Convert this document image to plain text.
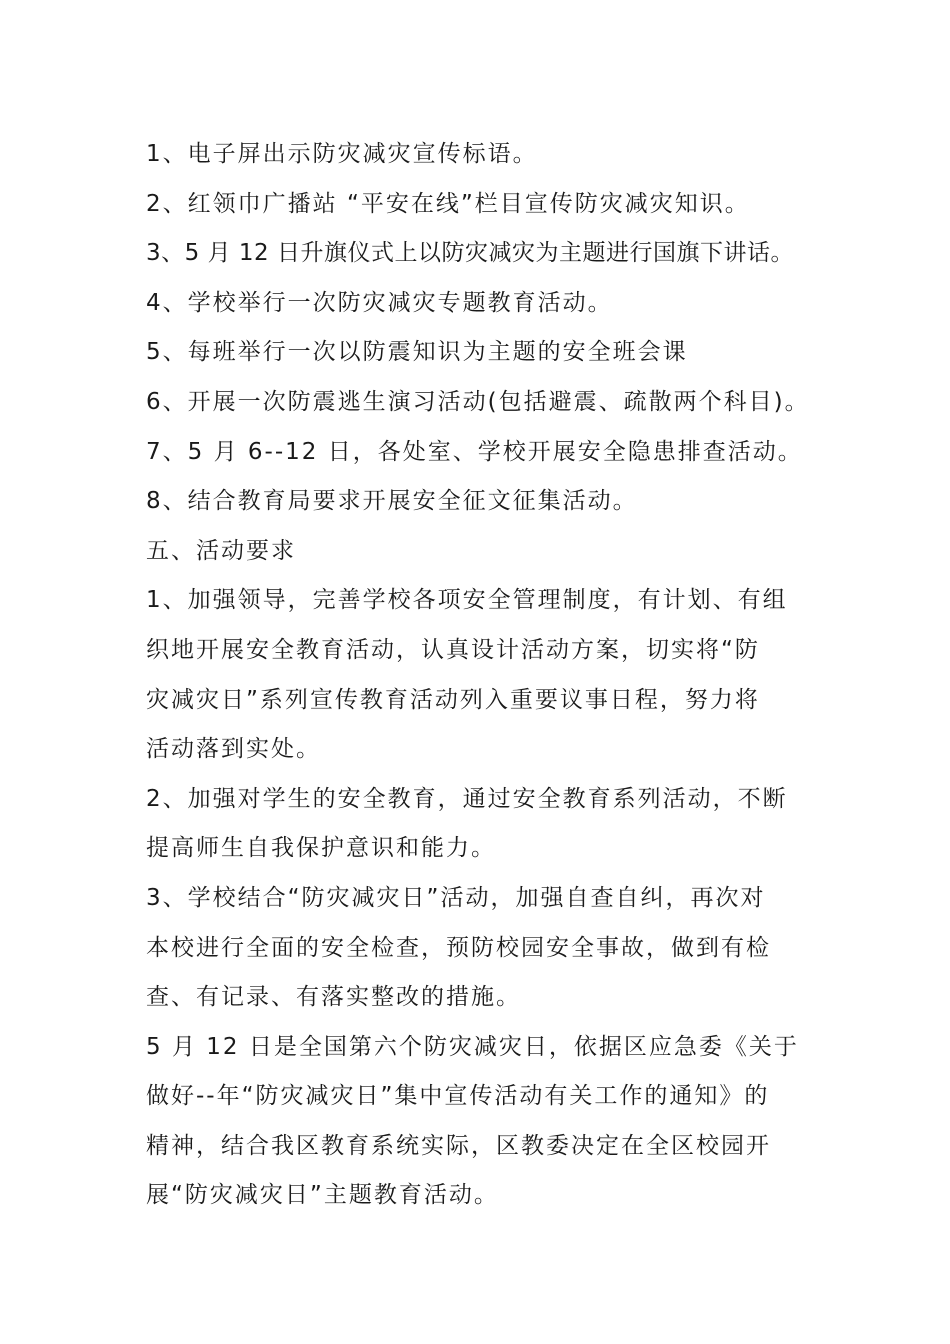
1、电子屏出示防灾减灾宣传标语。
2、红领巾广播站 “平安在线”栏目宣传防灾减灾知识。
3、5 月 12 日升旗仪式上以防灾减灾为主题进行国旗下讲话。
4、学校举行一次防灾减灾专题教育活动。
5、每班举行一次以防震知识为主题的安全班会课
6、开展一次防震逃生演习活动(包括避震、疏散两个科目)。
7、5 月 6--12 日，各处室、学校开展安全隐患排查活动。
8、结合教育局要求开展安全征文征集活动。
五、活动要求
1、加强领导，完善学校各项安全管理制度，有计划、有组
织地开展安全教育活动，认真设计活动方案，切实将“防
灾减灾日”系列宣传教育活动列入重要议事日程，努力将
活动落到实处。
2、加强对学生的安全教育，通过安全教育系列活动，不断
提高师生自我保护意识和能力。
3、学校结合“防灾减灾日”活动，加强自查自纠，再次对
本校进行全面的安全检查，预防校园安全事故，做到有检
查、有记录、有落实整改的措施。
5 月 12 日是全国第六个防灾减灾日，依据区应急委《关于
做好--年“防灾减灾日”集中宣传活动有关工作的通知》的
精神，结合我区教育系统实际，区教委决定在全区校园开
展“防灾减灾日”主题教育活动。
